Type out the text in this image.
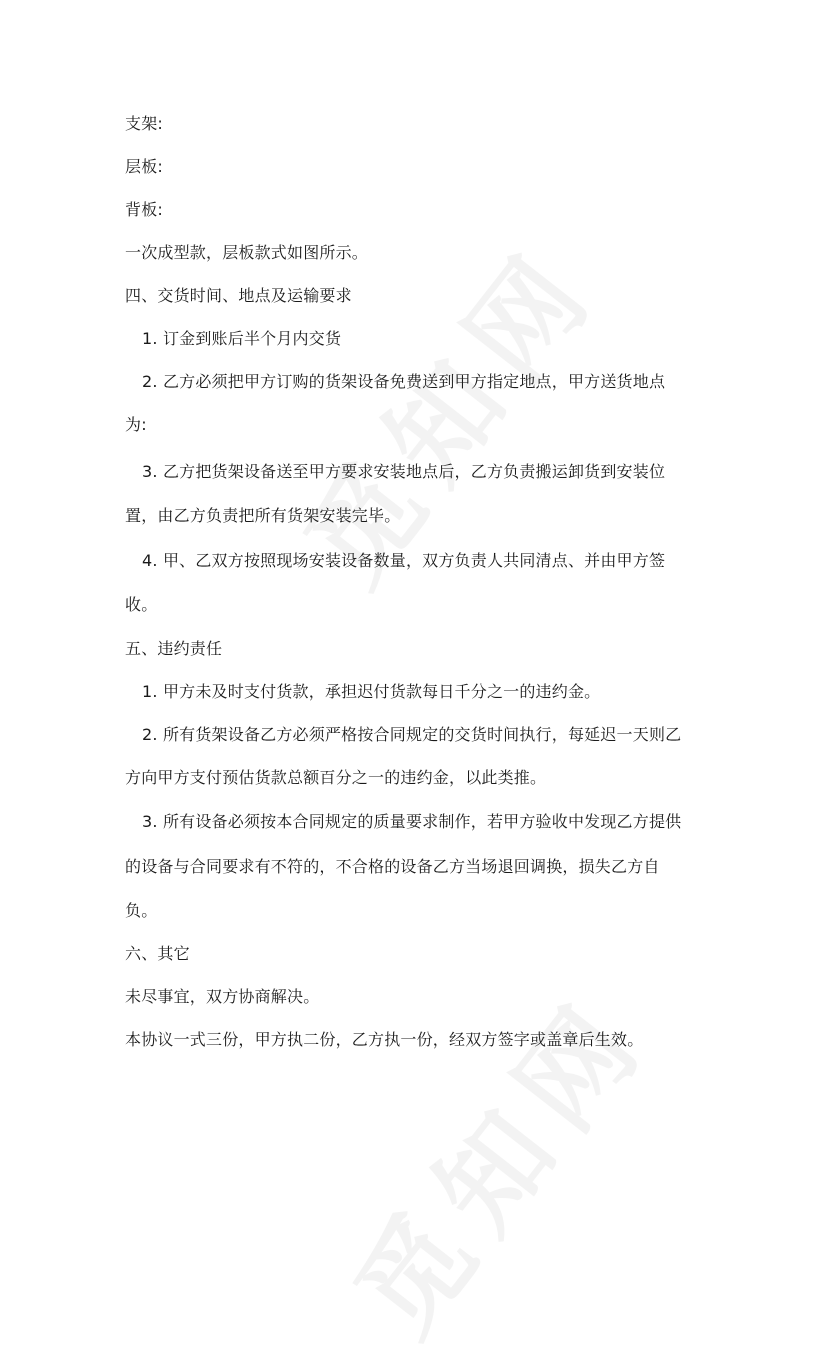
支架:
层板:
背板:
一次成型款，层板款式如图所示。
四、交货时间、地点及运输要求
1. 订金到账后半个月内交货
2. 乙方必须把甲方订购的货架设备免费送到甲方指定地点，甲方送货地点
为:
3. 乙方把货架设备送至甲方要求安装地点后，乙方负责搬运卸货到安装位
置，由乙方负责把所有货架安装完毕。
4. 甲、乙双方按照现场安装设备数量，双方负责人共同清点、并由甲方签
收。
五、违约责任
1. 甲方未及时支付货款，承担迟付货款每日千分之一的违约金。
2. 所有货架设备乙方必须严格按合同规定的交货时间执行，每延迟一天则乙
方向甲方支付预估货款总额百分之一的违约金，以此类推。
3. 所有设备必须按本合同规定的质量要求制作，若甲方验收中发现乙方提供
的设备与合同要求有不符的，不合格的设备乙方当场退回调换，损失乙方自
负。
六、其它
未尽事宜，双方协商解决。
本协议一式三份，甲方执二份，乙方执一份，经双方签字或盖章后生效。
